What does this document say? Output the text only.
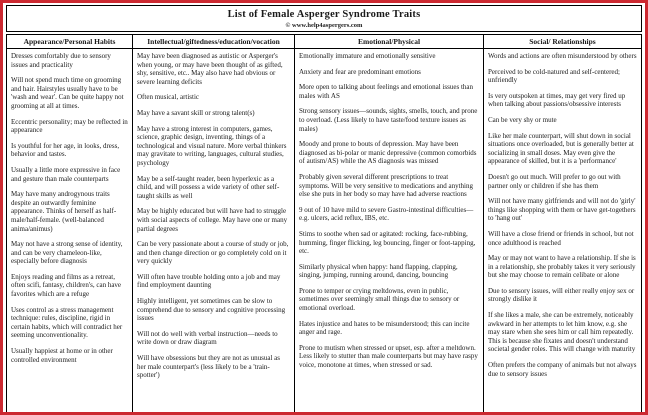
List of Female Asperger Syndrome Traits
© www.help4aspergers.com
Appearance/Personal Habits

Dresses comfortably due to sensory issues and practicality

Will not spend much time on grooming and hair. Hairstyles usually have to be 'wash and wear'. Can be quite happy not grooming at all at times.

Eccentric personality; may be reflected in appearance

Is youthful for her age, in looks, dress, behavior and tastes.

Usually a little more expressive in face and gesture than male counterparts

May have many androgynous traits despite an outwardly feminine appearance. Thinks of herself as half-male/half-female. (well-balanced anima/animus)

May not have a strong sense of identity, and can be very chameleon-like, especially before diagnosis

Enjoys reading and films as a retreat, often scifi, fantasy, children's, can have favorites which are a refuge

Uses control as a stress management technique: rules, discipline, rigid in certain habits, which will contradict her seeming unconventionality.

Usually happiest at home or in other controlled environment

Intellectual/giftedness/education/vocation

May have been diagnosed as autistic or Asperger's when young, or may have been thought of as gifted, shy, sensitive, etc.. May also have had obvious or severe learning deficits

Often musical, artistic

May have a savant skill or strong talent(s)

May have a strong interest in computers, games, science, graphic design, inventing, things of a technological and visual nature. More verbal thinkers may gravitate to writing, languages, cultural studies, psychology

May be a self-taught reader, been hyperlexic as a child, and will possess a wide variety of other self-taught skills as well

May be highly educated but will have had to struggle with social aspects of college. May have one or many partial degrees

Can be very passionate about a course of study or job, and then change direction or go completely cold on it very quickly

Will often have trouble holding onto a job and may find employment daunting

Highly intelligent, yet sometimes can be slow to comprehend due to sensory and cognitive processing issues

Will not do well with verbal instruction—needs to write down or draw diagram

Will have obsessions but they are not as unusual as her male counterpart's (less likely to be a 'train-spotter')

Emotional/Physical

Emotionally immature and emotionally sensitive

Anxiety and fear are predominant emotions

More open to talking about feelings and emotional issues than males with AS

Strong sensory issues—sounds, sights, smells, touch, and prone to overload. (Less likely to have taste/food texture issues as males)

Moody and prone to bouts of depression. May have been diagnosed as bi-polar or manic depressive (common comorbids of autism/AS) while the AS diagnosis was missed

Probably given several different prescriptions to treat symptoms. Will be very sensitive to medications and anything else she puts in her body so may have had adverse reactions

9 out of 10 have mild to severe Gastro-intestinal difficulties—e.g. ulcers, acid reflux, IBS, etc.

Stims to soothe when sad or agitated: rocking, face-rubbing, humming, finger flicking, leg bouncing, finger or foot-tapping, etc.

Similarly physical when happy: hand flapping, clapping, singing, jumping, running around, dancing, bouncing

Prone to temper or crying meltdowns, even in public, sometimes over seemingly small things due to sensory or emotional overload.

Hates injustice and hates to be misunderstood; this can incite anger and rage.

Prone to mutism when stressed or upset, esp. after a meltdown. Less likely to stutter than male counterparts but may have raspy voice, monotone at times, when stressed or sad.

Social/ Relationships

Words and actions are often misunderstood by others

Perceived to be cold-natured and self-centered; unfriendly

Is very outspoken at times, may get very fired up when talking about passions/obsessive interests

Can be very shy or mute

Like her male counterpart, will shut down in social situations once overloaded, but is generally better at socializing in small doses. May even give the appearance of skilled, but it is a 'performance'

Doesn't go out much. Will prefer to go out with partner only or children if she has them

Will not have many girlfriends and will not do 'girly' things like shopping with them or have get-togethers to 'hang out'

Will have a close friend or friends in school, but not once adulthood is reached

May or may not want to have a relationship. If she is in a relationship, she probably takes it very seriously but she may choose to remain celibate or alone

Due to sensory issues, will either really enjoy sex or strongly dislike it

If she likes a male, she can be extremely, noticeably awkward in her attempts to let him know, e.g. she may stare when she sees him or call him repeatedly. This is because she fixates and doesn't understand societal gender roles. This will change with maturity

Often prefers the company of animals but not always due to sensory issues
